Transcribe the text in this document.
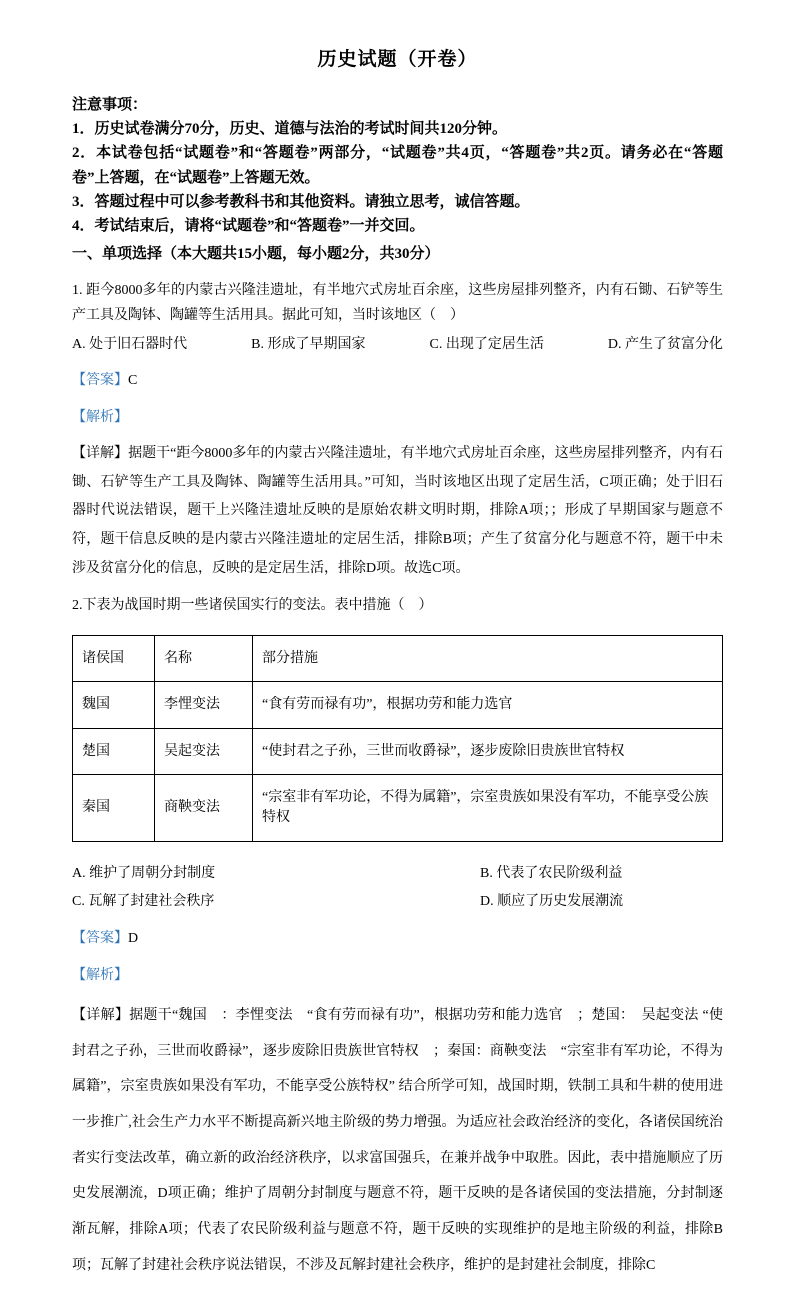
历史试题（开卷）
注意事项：
1．历史试卷满分70分，历史、道德与法治的考试时间共120分钟。
2．本试卷包括“试题卷”和“答题卷”两部分，“试题卷”共4页，“答题卷”共2页。请务必在“答题卷”上答题，在“试题卷”上答题无效。
3．答题过程中可以参考教科书和其他资料。请独立思考，诚信答题。
4．考试结束后，请将“试题卷”和“答题卷”一并交回。
一、单项选择（本大题共15小题，每小题2分，共30分）
1. 距今8000多年的内蒙古兴隆洼遗址，有半地穴式房址百余座，这些房屋排列整齐，内有石锄、石铲等生产工具及陶钵、陶罐等生活用具。据此可知，当时该地区（　）
A. 处于旧石器时代	B. 形成了早期国家	C. 出现了定居生活	D. 产生了贫富分化
【答案】C
【解析】
【详解】据题干“距今8000多年的内蒙古兴隆洼遗址，有半地穴式房址百余座，这些房屋排列整齐，内有石锄、石铲等生产工具及陶钵、陶罐等生活用具。”可知，当时该地区出现了定居生活，C项正确；处于旧石器时代说法错误，题干上兴隆洼遗址反映的是原始农耕文明时期，排除A项；；形成了早期国家与题意不符，题干信息反映的是内蒙古兴隆洼遗址的定居生活，排除B项；产生了贫富分化与题意不符，题干中未涉及贫富分化的信息，反映的是定居生活，排除D项。故选C项。
2.下表为战国时期一些诸侯国实行的变法。表中措施（　）
诸侯国	名称	部分措施
魏国	李悝变法	“食有劳而禄有功”，根据功劳和能力选官
楚国	吴起变法	“使封君之子孙，三世而收爵禄”，逐步废除旧贵族世官特权
秦国	商鞅变法	“宗室非有军功论，不得为属籍”，宗室贵族如果没有军功，不能享受公族特权
A. 维护了周朝分封制度	B. 代表了农民阶级利益
C. 瓦解了封建社会秩序	D. 顺应了历史发展潮流
【答案】D
【解析】
【详解】据题干“魏国　：李悝变法　“食有劳而禄有功”，根据功劳和能力选官　；楚国：　吴起变法 “使封君之子孙，三世而收爵禄”，逐步废除旧贵族世官特权　；秦国：商鞅变法　“宗室非有军功论，不得为属籍”，宗室贵族如果没有军功，不能享受公族特权” 结合所学可知，战国时期，铁制工具和牛耕的使用进一步推广,社会生产力水平不断提高新兴地主阶级的势力增强。为适应社会政治经济的变化，各诸侯国统治者实行变法改革，确立新的政治经济秩序，以求富国强兵，在兼并战争中取胜。因此，表中措施顺应了历史发展潮流，D项正确；维护了周朝分封制度与题意不符，题干反映的是各诸侯国的变法措施，分封制逐渐瓦解，排除A项；代表了农民阶级利益与题意不符，题干反映的实现维护的是地主阶级的利益，排除B项；瓦解了封建社会秩序说法错误，不涉及瓦解封建社会秩序，维护的是封建社会制度，排除C
